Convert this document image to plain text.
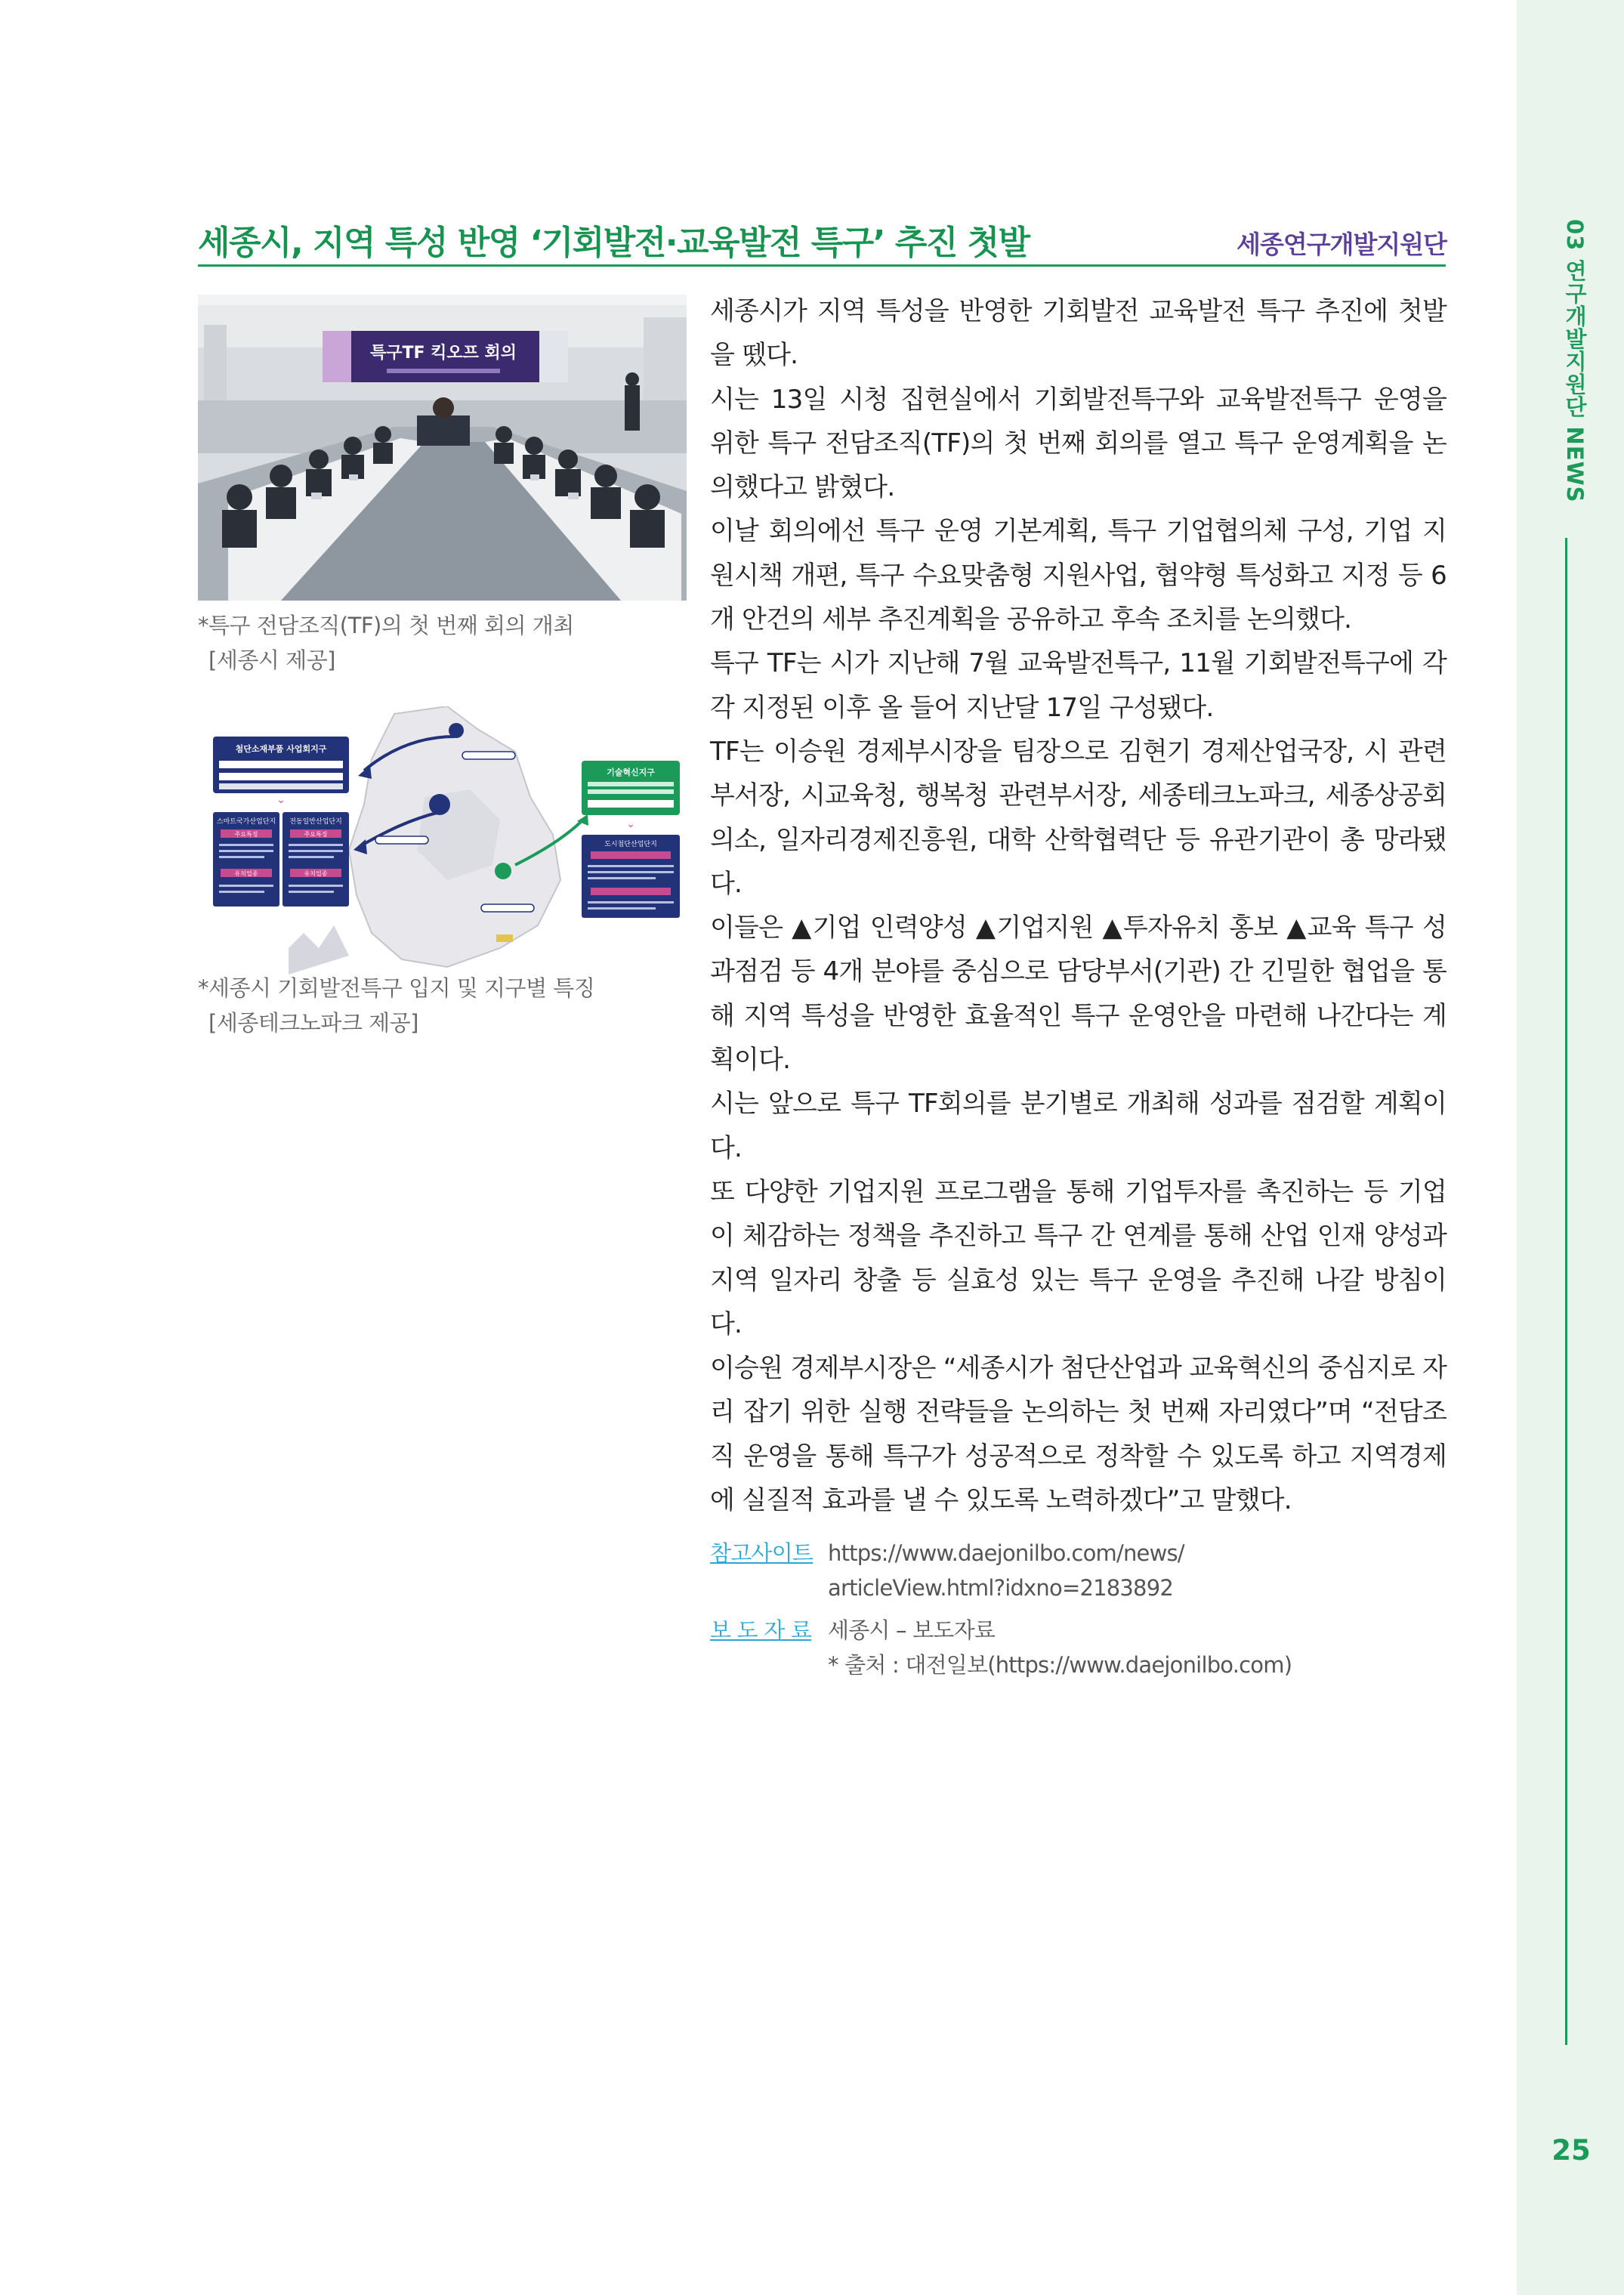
03 연구개발지원단 NEWS
25
세종시, 지역 특성 반영 ‘기회발전·교육발전 특구’ 추진 첫발	세종연구개발지원단
특구TF 킥오프 회의
*특구 전담조직(TF)의 첫 번째 회의 개최
[세종시 제공]
첨단소재부품 사업회지구
⌄
스마트국가산업단지 전동일반산업단지
주요특징	주요특징
유치업종	유치업종
기술혁신지구
⌄
도시첨단산업단지
*세종시 기회발전특구 입지 및 지구별 특징
[세종테크노파크 제공]

세종시가 지역 특성을 반영한 기회발전 교육발전 특구 추진에 첫발을 뗐다.

시는 13일 시청 집현실에서 기회발전특구와 교육발전특구 운영을 위한 특구 전담조직(TF)의 첫 번째 회의를 열고 특구 운영계획을 논의했다고 밝혔다.

이날 회의에선 특구 운영 기본계획, 특구 기업협의체 구성, 기업 지원시책 개편, 특구 수요맞춤형 지원사업, 협약형 특성화고 지정 등 6개 안건의 세부 추진계획을 공유하고 후속 조치를 논의했다.

특구 TF는 시가 지난해 7월 교육발전특구, 11월 기회발전특구에 각각 지정된 이후 올 들어 지난달 17일 구성됐다.

TF는 이승원 경제부시장을 팀장으로 김현기 경제산업국장, 시 관련 부서장, 시교육청, 행복청 관련부서장, 세종테크노파크, 세종상공회의소, 일자리경제진흥원, 대학 산학협력단 등 유관기관이 총 망라됐다.

이들은 ▲기업 인력양성 ▲기업지원 ▲투자유치 홍보 ▲교육 특구 성과점검 등 4개 분야를 중심으로 담당부서(기관) 간 긴밀한 협업을 통해 지역 특성을 반영한 효율적인 특구 운영안을 마련해 나간다는 계획이다.

시는 앞으로 특구 TF회의를 분기별로 개최해 성과를 점검할 계획이다.

또 다양한 기업지원 프로그램을 통해 기업투자를 촉진하는 등 기업이 체감하는 정책을 추진하고 특구 간 연계를 통해 산업 인재 양성과 지역 일자리 창출 등 실효성 있는 특구 운영을 추진해 나갈 방침이다.

이승원 경제부시장은 “세종시가 첨단산업과 교육혁신의 중심지로 자리 잡기 위한 실행 전략들을 논의하는 첫 번째 자리였다”며 “전담조직 운영을 통해 특구가 성공적으로 정착할 수 있도록 하고 지역경제에 실질적 효과를 낼 수 있도록 노력하겠다”고 말했다.

참고사이트 https://www.daejonilbo.com/news/
articleView.html?idxno=2183892
보 도 자 료 세종시 – 보도자료
* 출처 : 대전일보(https://www.daejonilbo.com)
